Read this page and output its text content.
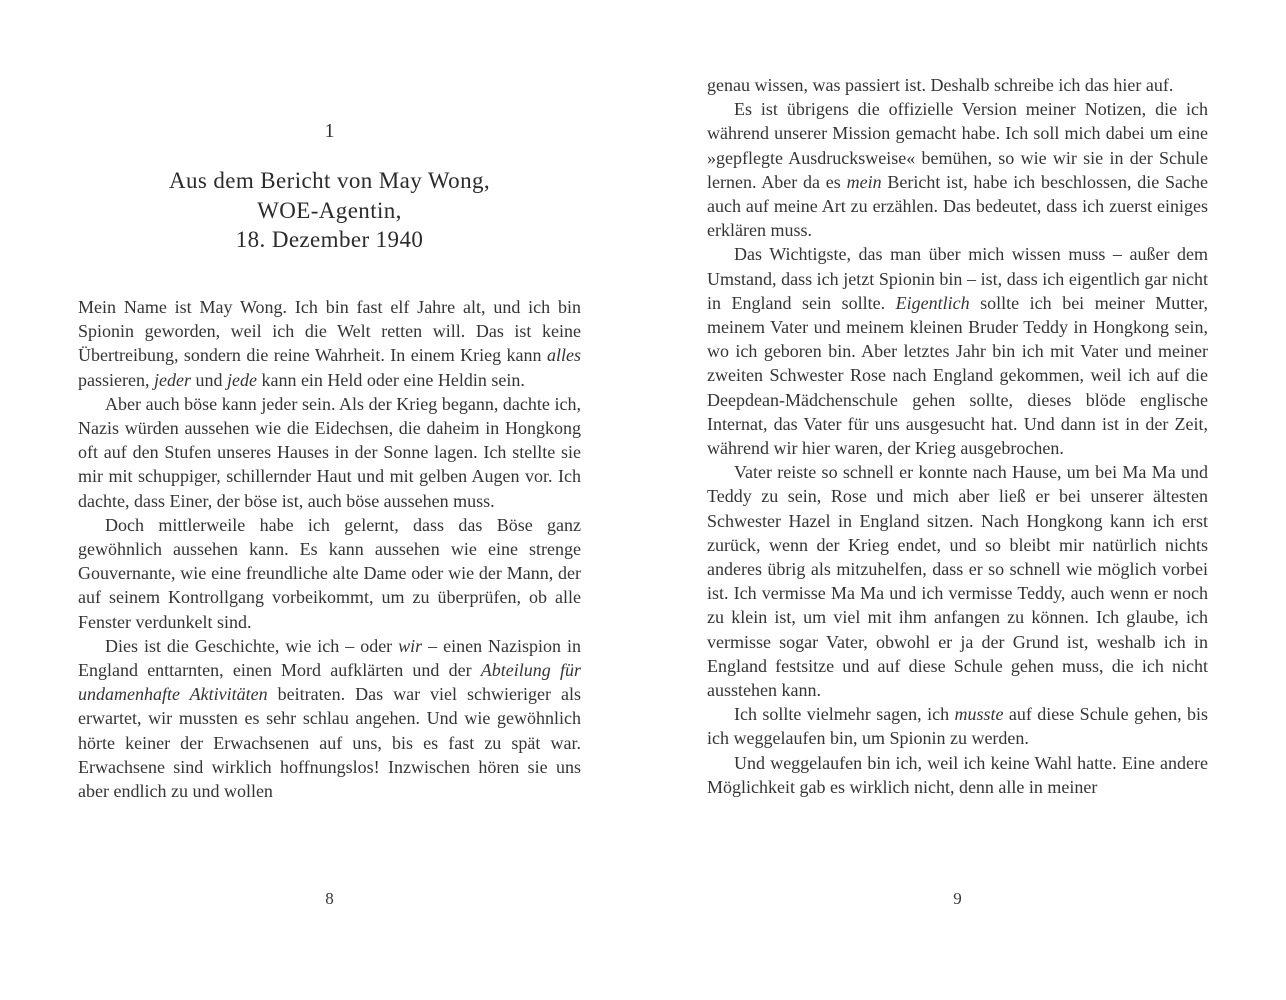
1
Aus dem Bericht von May Wong,
WOE-Agentin,
18. Dezember 1940

Mein Name ist May Wong. Ich bin fast elf Jahre alt, und ich bin Spionin geworden, weil ich die Welt retten will. Das ist keine Übertreibung, sondern die reine Wahrheit. In einem Krieg kann alles passieren, jeder und jede kann ein Held oder eine Heldin sein.

Aber auch böse kann jeder sein. Als der Krieg begann, dachte ich, Nazis würden aussehen wie die Eidechsen, die daheim in Hongkong oft auf den Stufen unseres Hauses in der Sonne lagen. Ich stellte sie mir mit schuppiger, schillernder Haut und mit gelben Augen vor. Ich dachte, dass Einer, der böse ist, auch böse aussehen muss.

Doch mittlerweile habe ich gelernt, dass das Böse ganz gewöhnlich aussehen kann. Es kann aussehen wie eine strenge Gouvernante, wie eine freundliche alte Dame oder wie der Mann, der auf seinem Kontrollgang vorbeikommt, um zu überprüfen, ob alle Fenster verdunkelt sind.

Dies ist die Geschichte, wie ich – oder wir – einen Nazispion in England enttarnten, einen Mord aufklärten und der Abteilung für undamenhafte Aktivitäten beitraten. Das war viel schwieriger als erwartet, wir mussten es sehr schlau angehen. Und wie gewöhnlich hörte keiner der Erwachsenen auf uns, bis es fast zu spät war. Erwachsene sind wirklich hoffnungslos! Inzwischen hören sie uns aber endlich zu und wollen

8

genau wissen, was passiert ist. Deshalb schreibe ich das hier auf.

Es ist übrigens die offizielle Version meiner Notizen, die ich während unserer Mission gemacht habe. Ich soll mich dabei um eine »gepflegte Ausdrucksweise« bemühen, so wie wir sie in der Schule lernen. Aber da es mein Bericht ist, habe ich beschlossen, die Sache auch auf meine Art zu erzählen. Das bedeutet, dass ich zuerst einiges erklären muss.

Das Wichtigste, das man über mich wissen muss – außer dem Umstand, dass ich jetzt Spionin bin – ist, dass ich eigentlich gar nicht in England sein sollte. Eigentlich sollte ich bei meiner Mutter, meinem Vater und meinem kleinen Bruder Teddy in Hongkong sein, wo ich geboren bin. Aber letztes Jahr bin ich mit Vater und meiner zweiten Schwester Rose nach England gekommen, weil ich auf die Deepdean-Mädchenschule gehen sollte, dieses blöde englische Internat, das Vater für uns ausgesucht hat. Und dann ist in der Zeit, während wir hier waren, der Krieg ausgebrochen.

Vater reiste so schnell er konnte nach Hause, um bei Ma Ma und Teddy zu sein, Rose und mich aber ließ er bei unserer ältesten Schwester Hazel in England sitzen. Nach Hongkong kann ich erst zurück, wenn der Krieg endet, und so bleibt mir natürlich nichts anderes übrig als mitzuhelfen, dass er so schnell wie möglich vorbei ist. Ich vermisse Ma Ma und ich vermisse Teddy, auch wenn er noch zu klein ist, um viel mit ihm anfangen zu können. Ich glaube, ich vermisse sogar Vater, obwohl er ja der Grund ist, weshalb ich in England festsitze und auf diese Schule gehen muss, die ich nicht ausstehen kann.

Ich sollte vielmehr sagen, ich musste auf diese Schule gehen, bis ich weggelaufen bin, um Spionin zu werden.

Und weggelaufen bin ich, weil ich keine Wahl hatte. Eine andere Möglichkeit gab es wirklich nicht, denn alle in meiner

9
